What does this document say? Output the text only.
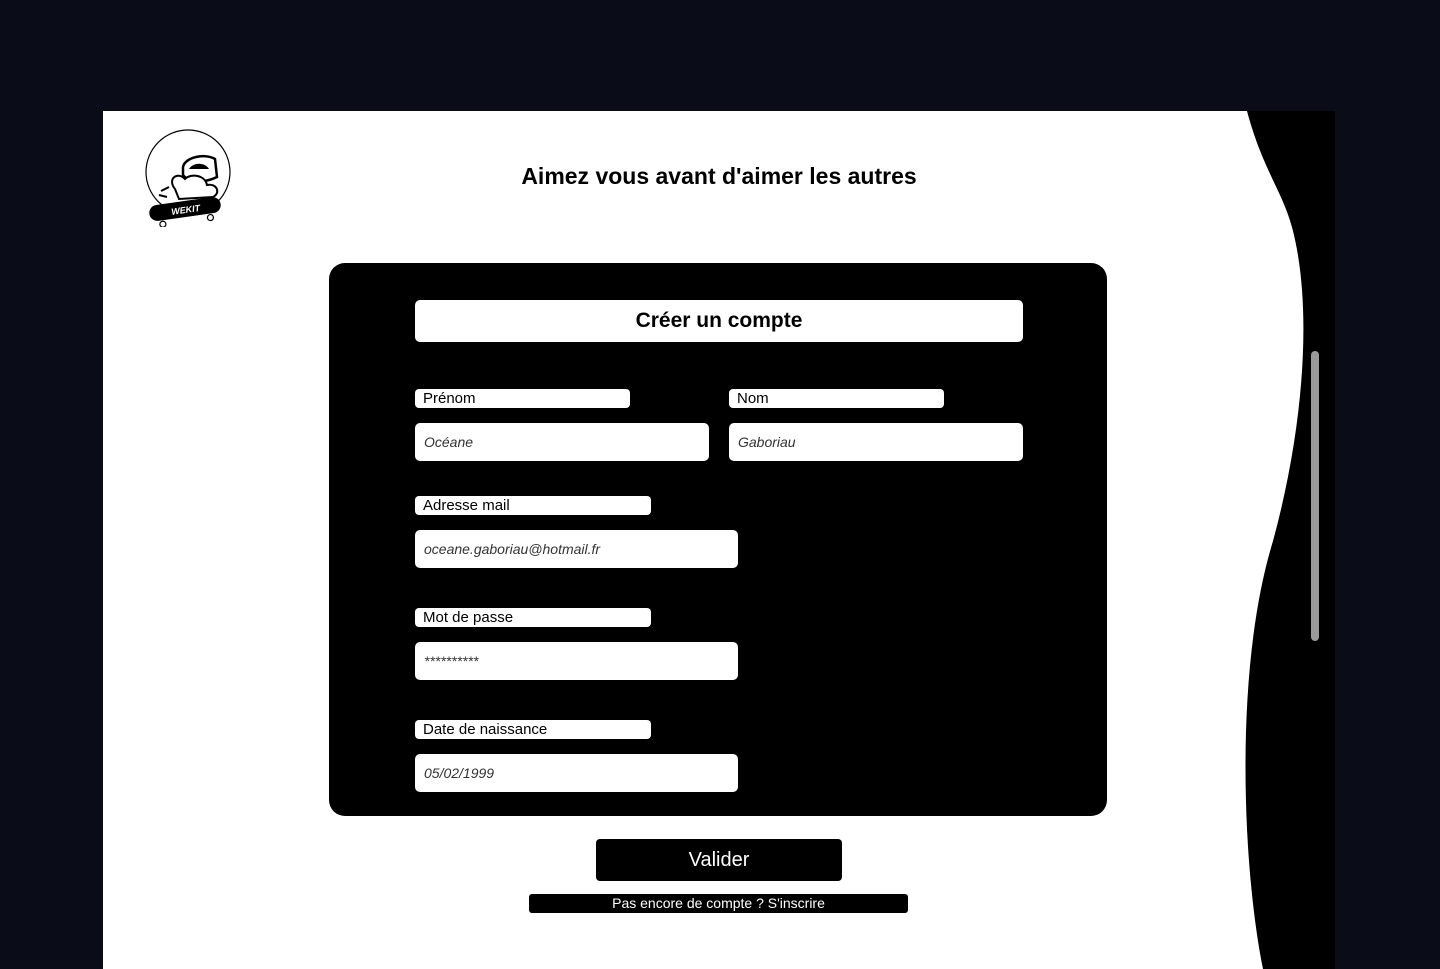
WEKIT
Aimez vous avant d'aimer les autres
Créer un compte
Prénom
Océane
Nom
Gaboriau
Adresse mail
oceane.gaboriau@hotmail.fr
Mot de passe
**********
Date de naissance
05/02/1999
Valider
Pas encore de compte ? S'inscrire
